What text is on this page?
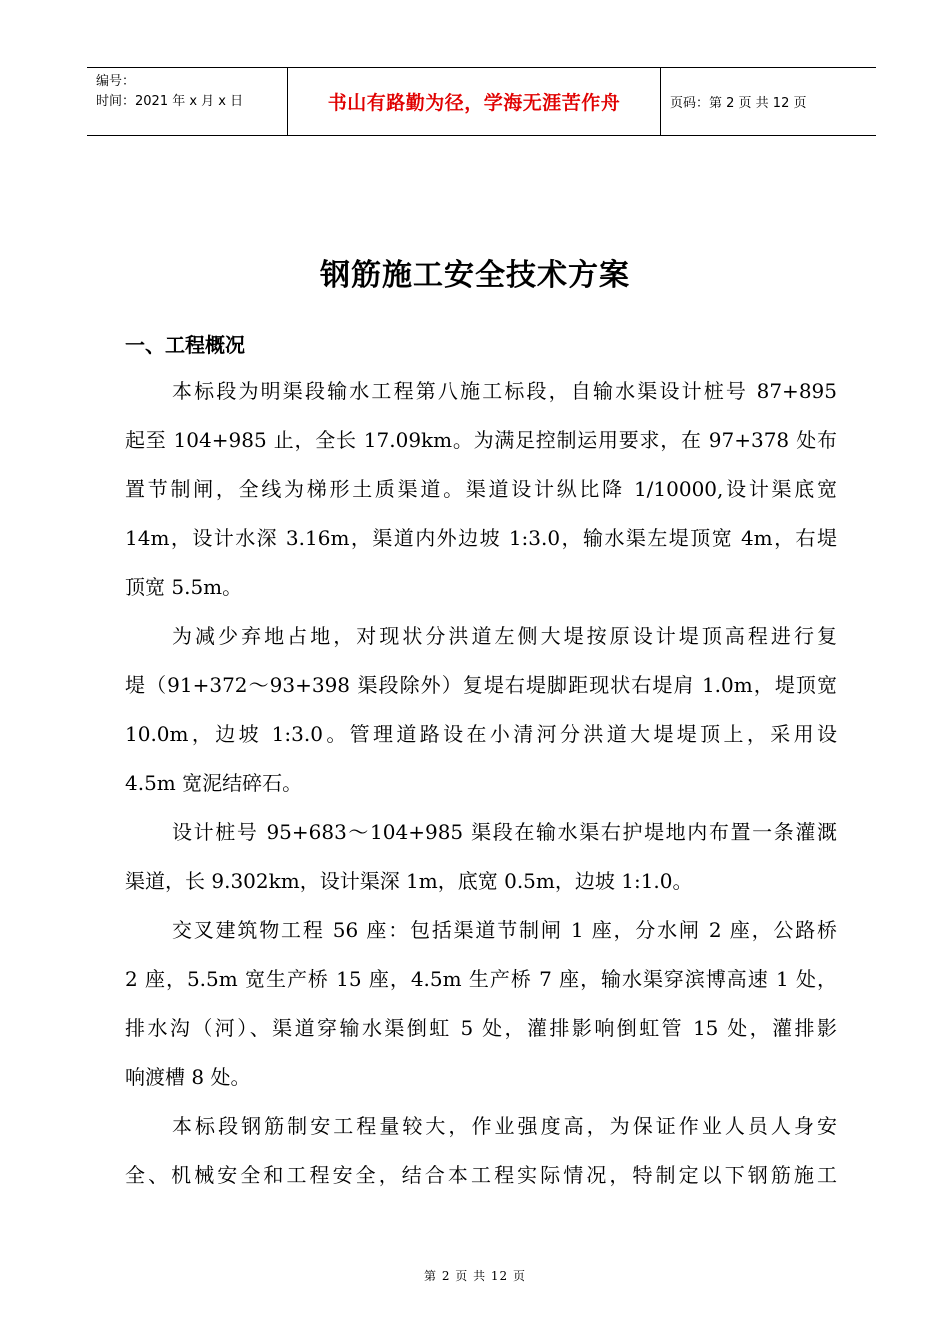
编号：
时间：2021 年 x 月 x 日	书山有路勤为径，学海无涯苦作舟	页码：第 2 页 共 12 页
钢筋施工安全技术方案
一、工程概况
本标段为明渠段输水工程第八施工标段，自输水渠设计桩号 87+895
起至 104+985 止，全长 17.09km。为满足控制运用要求，在 97+378 处布
置节制闸，全线为梯形土质渠道。渠道设计纵比降 1/10000,设计渠底宽
14m，设计水深 3.16m，渠道内外边坡 1:3.0，输水渠左堤顶宽 4m，右堤
顶宽 5.5m。
为减少弃地占地，对现状分洪道左侧大堤按原设计堤顶高程进行复
堤（91+372～93+398 渠段除外）复堤右堤脚距现状右堤肩 1.0m，堤顶宽
10.0m，边坡 1:3.0。管理道路设在小清河分洪道大堤堤顶上，采用设
4.5m 宽泥结碎石。
设计桩号 95+683～104+985 渠段在输水渠右护堤地内布置一条灌溉
渠道，长 9.302km，设计渠深 1m，底宽 0.5m，边坡 1:1.0。
交叉建筑物工程 56 座：包括渠道节制闸 1 座，分水闸 2 座，公路桥
2 座，5.5m 宽生产桥 15 座，4.5m 生产桥 7 座，输水渠穿滨博高速 1 处，
排水沟（河）、渠道穿输水渠倒虹 5 处，灌排影响倒虹管 15 处，灌排影
响渡槽 8 处。
本标段钢筋制安工程量较大，作业强度高，为保证作业人员人身安
全、机械安全和工程安全，结合本工程实际情况，特制定以下钢筋施工
第 2 页 共 12 页
